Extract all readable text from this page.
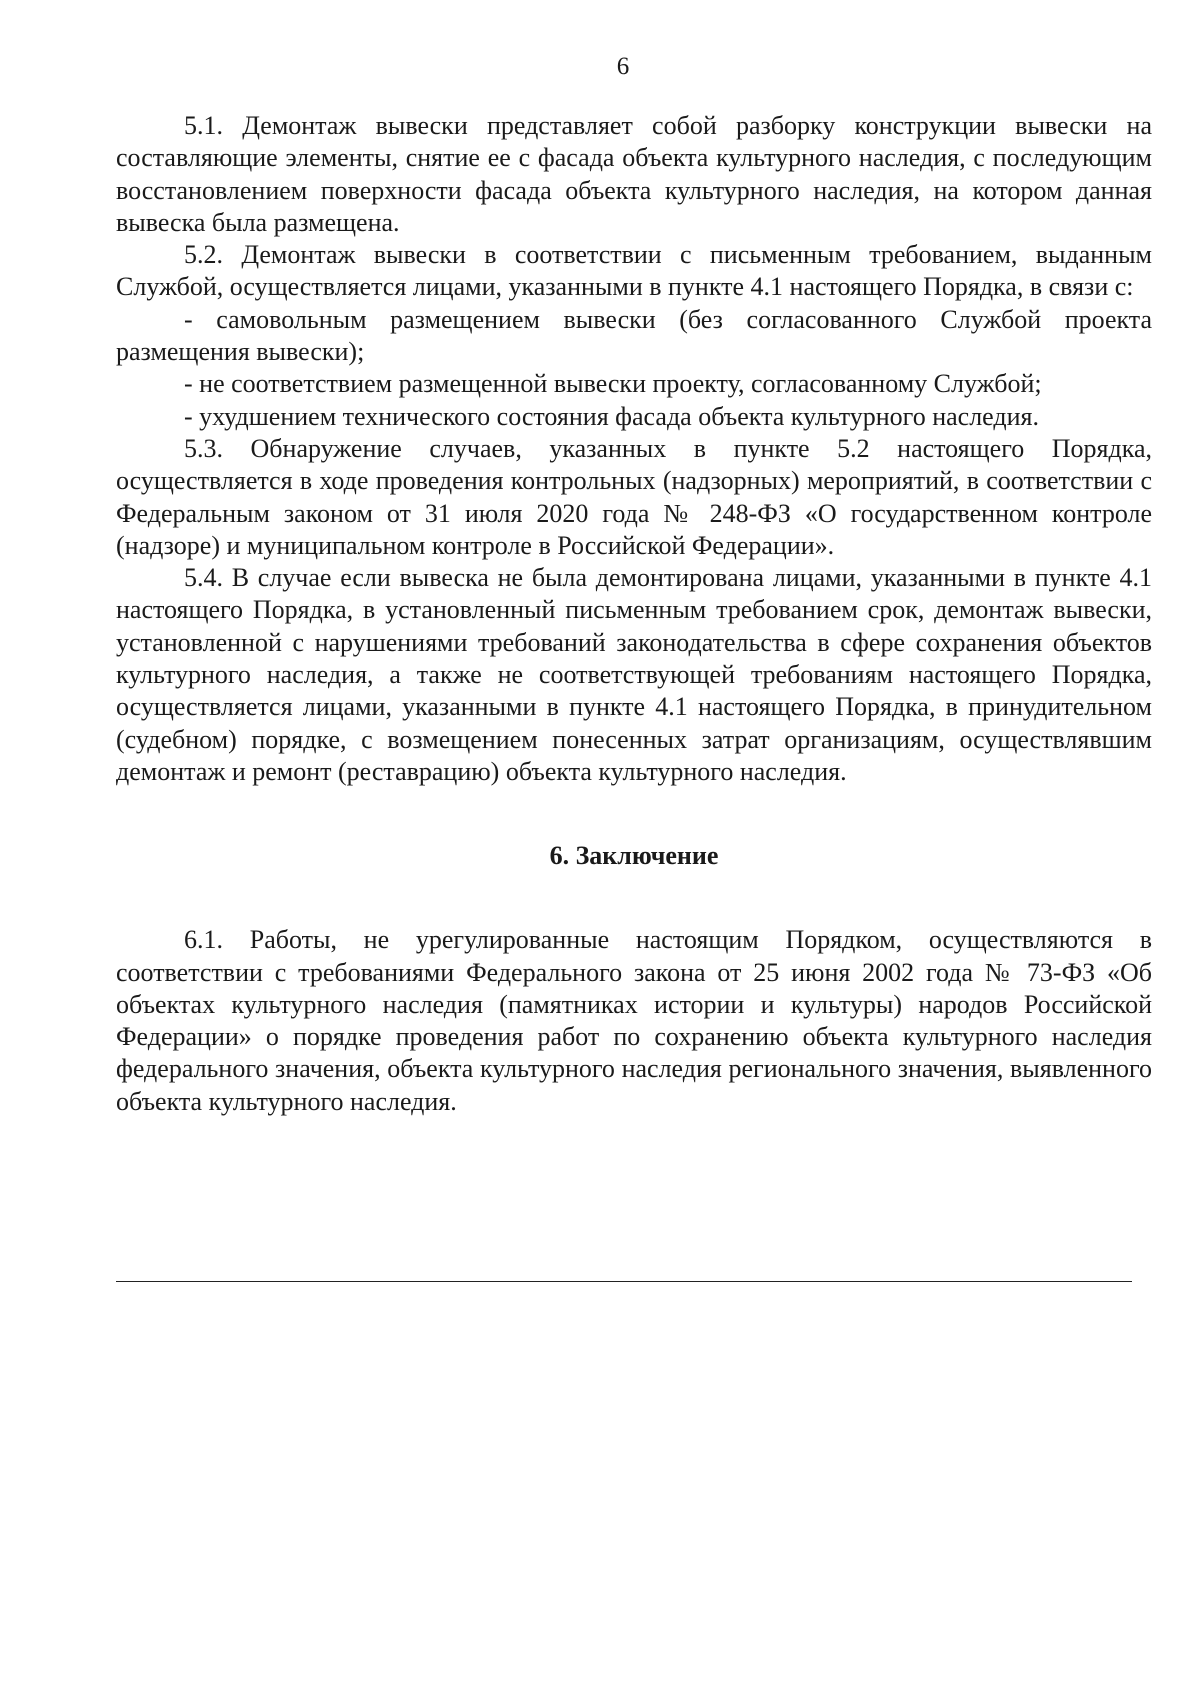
6

5.1. Демонтаж вывески представляет собой разборку конструкции вывески на составляющие элементы, снятие ее с фасада объекта культурного наследия, с последующим восстановлением поверхности фасада объекта культурного наследия, на котором данная вывеска была размещена.

5.2. Демонтаж вывески в соответствии с письменным требованием, выданным Службой, осуществляется лицами, указанными в пункте 4.1 настоящего Порядка, в связи с:

- самовольным размещением вывески (без согласованного Службой проекта размещения вывески);

- не соответствием размещенной вывески проекту, согласованному Службой;

- ухудшением технического состояния фасада объекта культурного наследия.

5.3. Обнаружение случаев, указанных в пункте 5.2 настоящего Порядка, осуществляется в ходе проведения контрольных (надзорных) мероприятий, в соответствии с Федеральным законом от 31 июля 2020 года № 248-ФЗ «О государственном контроле (надзоре) и муниципальном контроле в Российской Федерации».

5.4. В случае если вывеска не была демонтирована лицами, указанными в пункте 4.1 настоящего Порядка, в установленный письменным требованием срок, демонтаж вывески, установленной с нарушениями требований законодательства в сфере сохранения объектов культурного наследия, а также не соответствующей требованиям настоящего Порядка, осуществляется лицами, указанными в пункте 4.1 настоящего Порядка, в принудительном (судебном) порядке, с возмещением понесенных затрат организациям, осуществлявшим демонтаж и ремонт (реставрацию) объекта культурного наследия.

6. Заключение

6.1. Работы, не урегулированные настоящим Порядком, осуществляются в соответствии с требованиями Федерального закона от 25 июня 2002 года № 73-ФЗ «Об объектах культурного наследия (памятниках истории и культуры) народов Российской Федерации» о порядке проведения работ по сохранению объекта культурного наследия федерального значения, объекта культурного наследия регионального значения, выявленного объекта культурного наследия.
